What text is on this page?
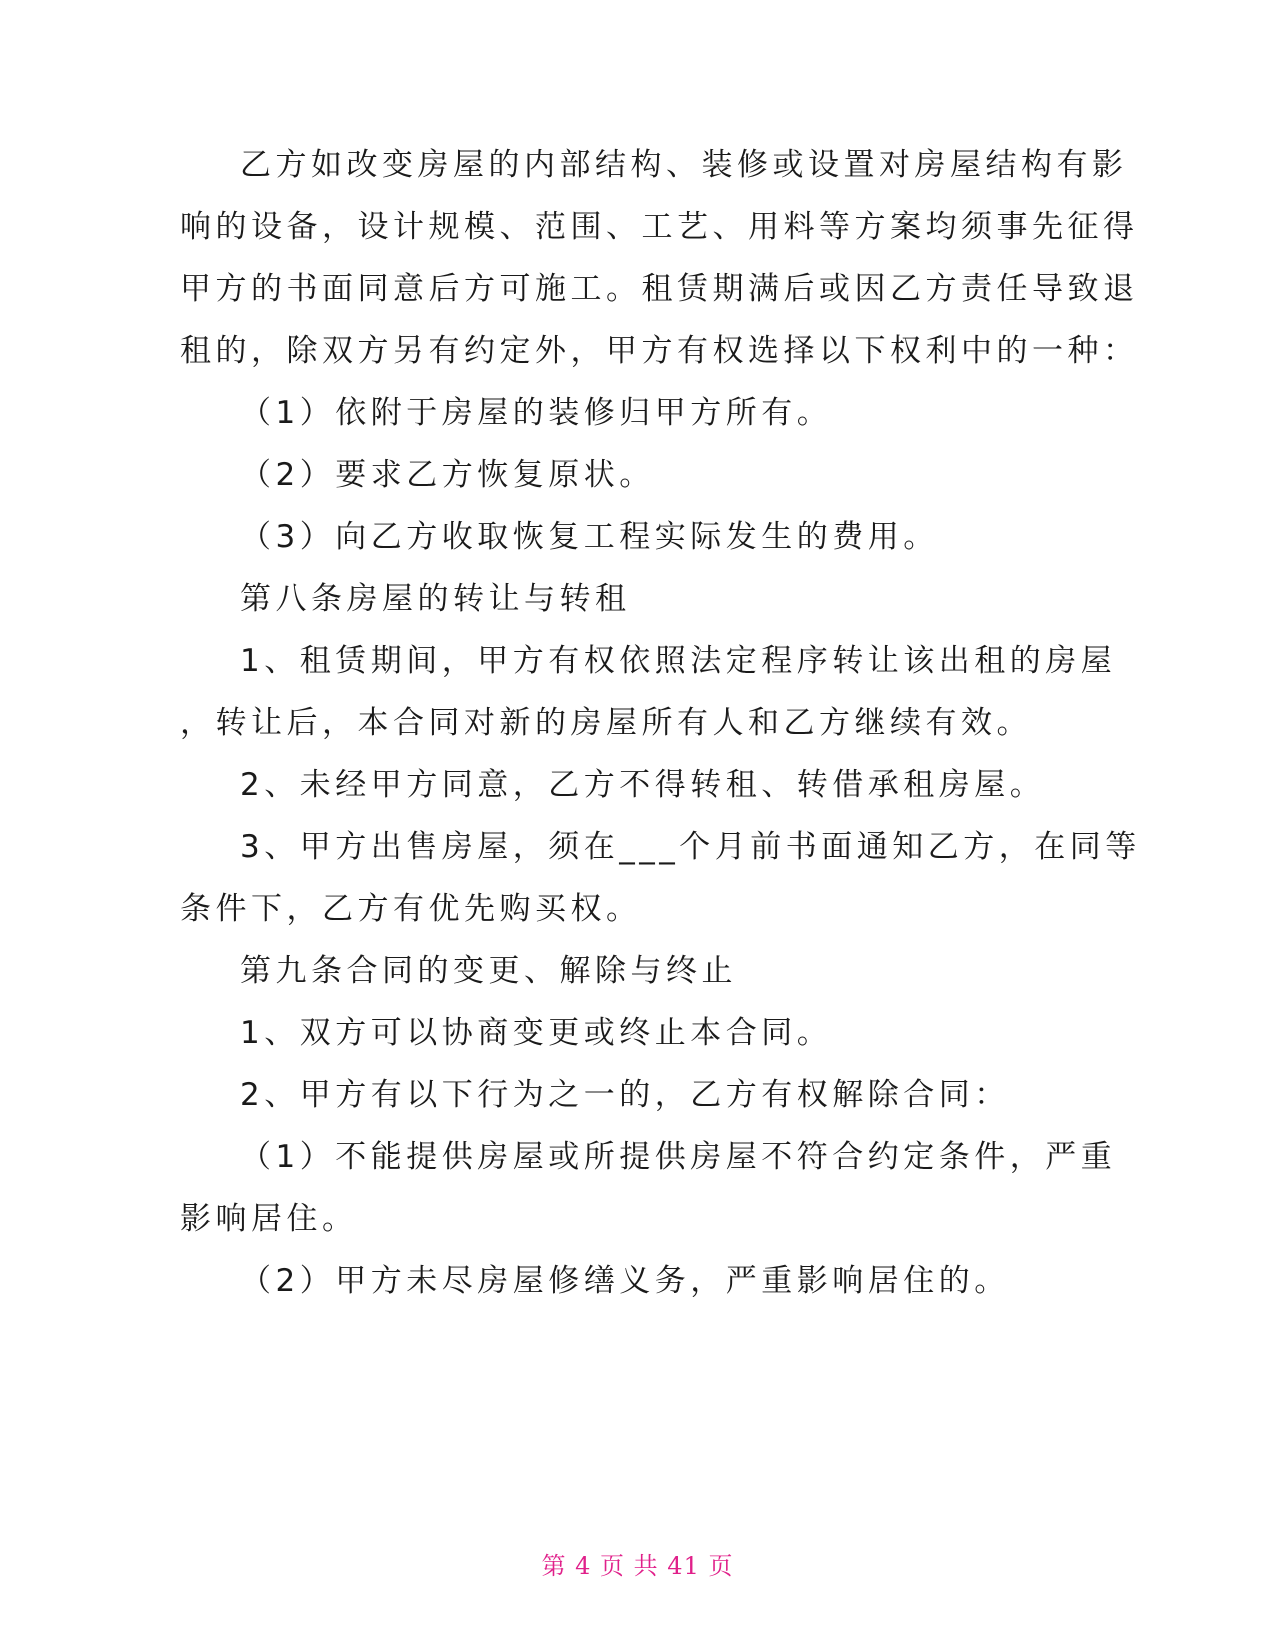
乙方如改变房屋的内部结构、装修或设置对房屋结构有影
响的设备，设计规模、范围、工艺、用料等方案均须事先征得
甲方的书面同意后方可施工。租赁期满后或因乙方责任导致退
租的，除双方另有约定外，甲方有权选择以下权利中的一种：
（1）依附于房屋的装修归甲方所有。
（2）要求乙方恢复原状。
（3）向乙方收取恢复工程实际发生的费用。
第八条房屋的转让与转租
1、租赁期间，甲方有权依照法定程序转让该出租的房屋
，转让后，本合同对新的房屋所有人和乙方继续有效。
2、未经甲方同意，乙方不得转租、转借承租房屋。
3、甲方出售房屋，须在___个月前书面通知乙方，在同等
条件下，乙方有优先购买权。
第九条合同的变更、解除与终止
1、双方可以协商变更或终止本合同。
2、甲方有以下行为之一的，乙方有权解除合同：
（1）不能提供房屋或所提供房屋不符合约定条件，严重
影响居住。
（2）甲方未尽房屋修缮义务，严重影响居住的。
第 4 页 共 41 页
